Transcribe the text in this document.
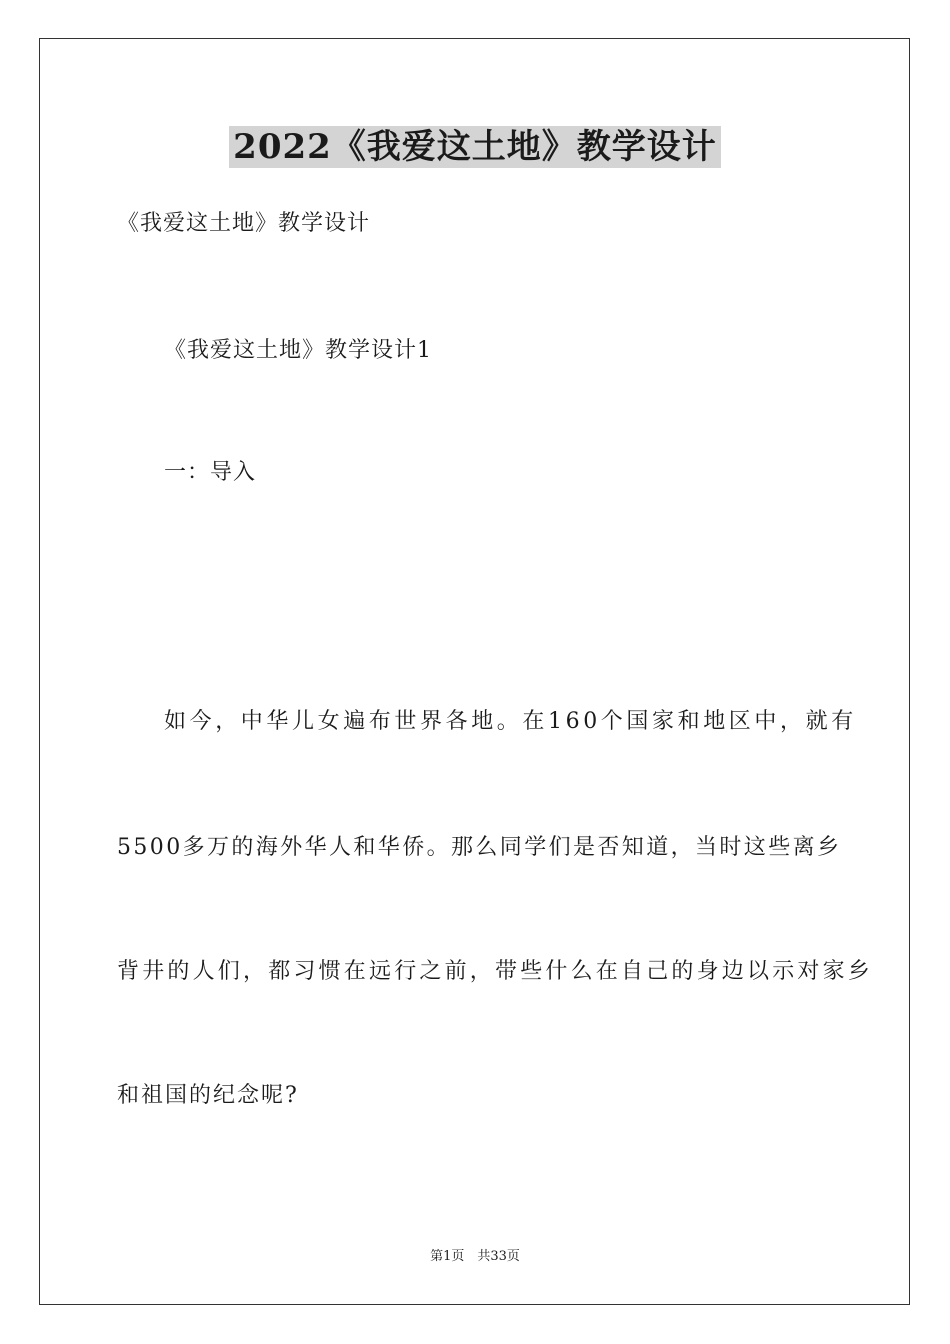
2022《我爱这土地》教学设计
《我爱这土地》教学设计
《我爱这土地》教学设计1
一：导入
如今，中华儿女遍布世界各地。在160个国家和地区中，就有
5500多万的海外华人和华侨。那么同学们是否知道，当时这些离乡
背井的人们，都习惯在远行之前，带些什么在自己的身边以示对家乡
和祖国的纪念呢?
第1页　共33页
